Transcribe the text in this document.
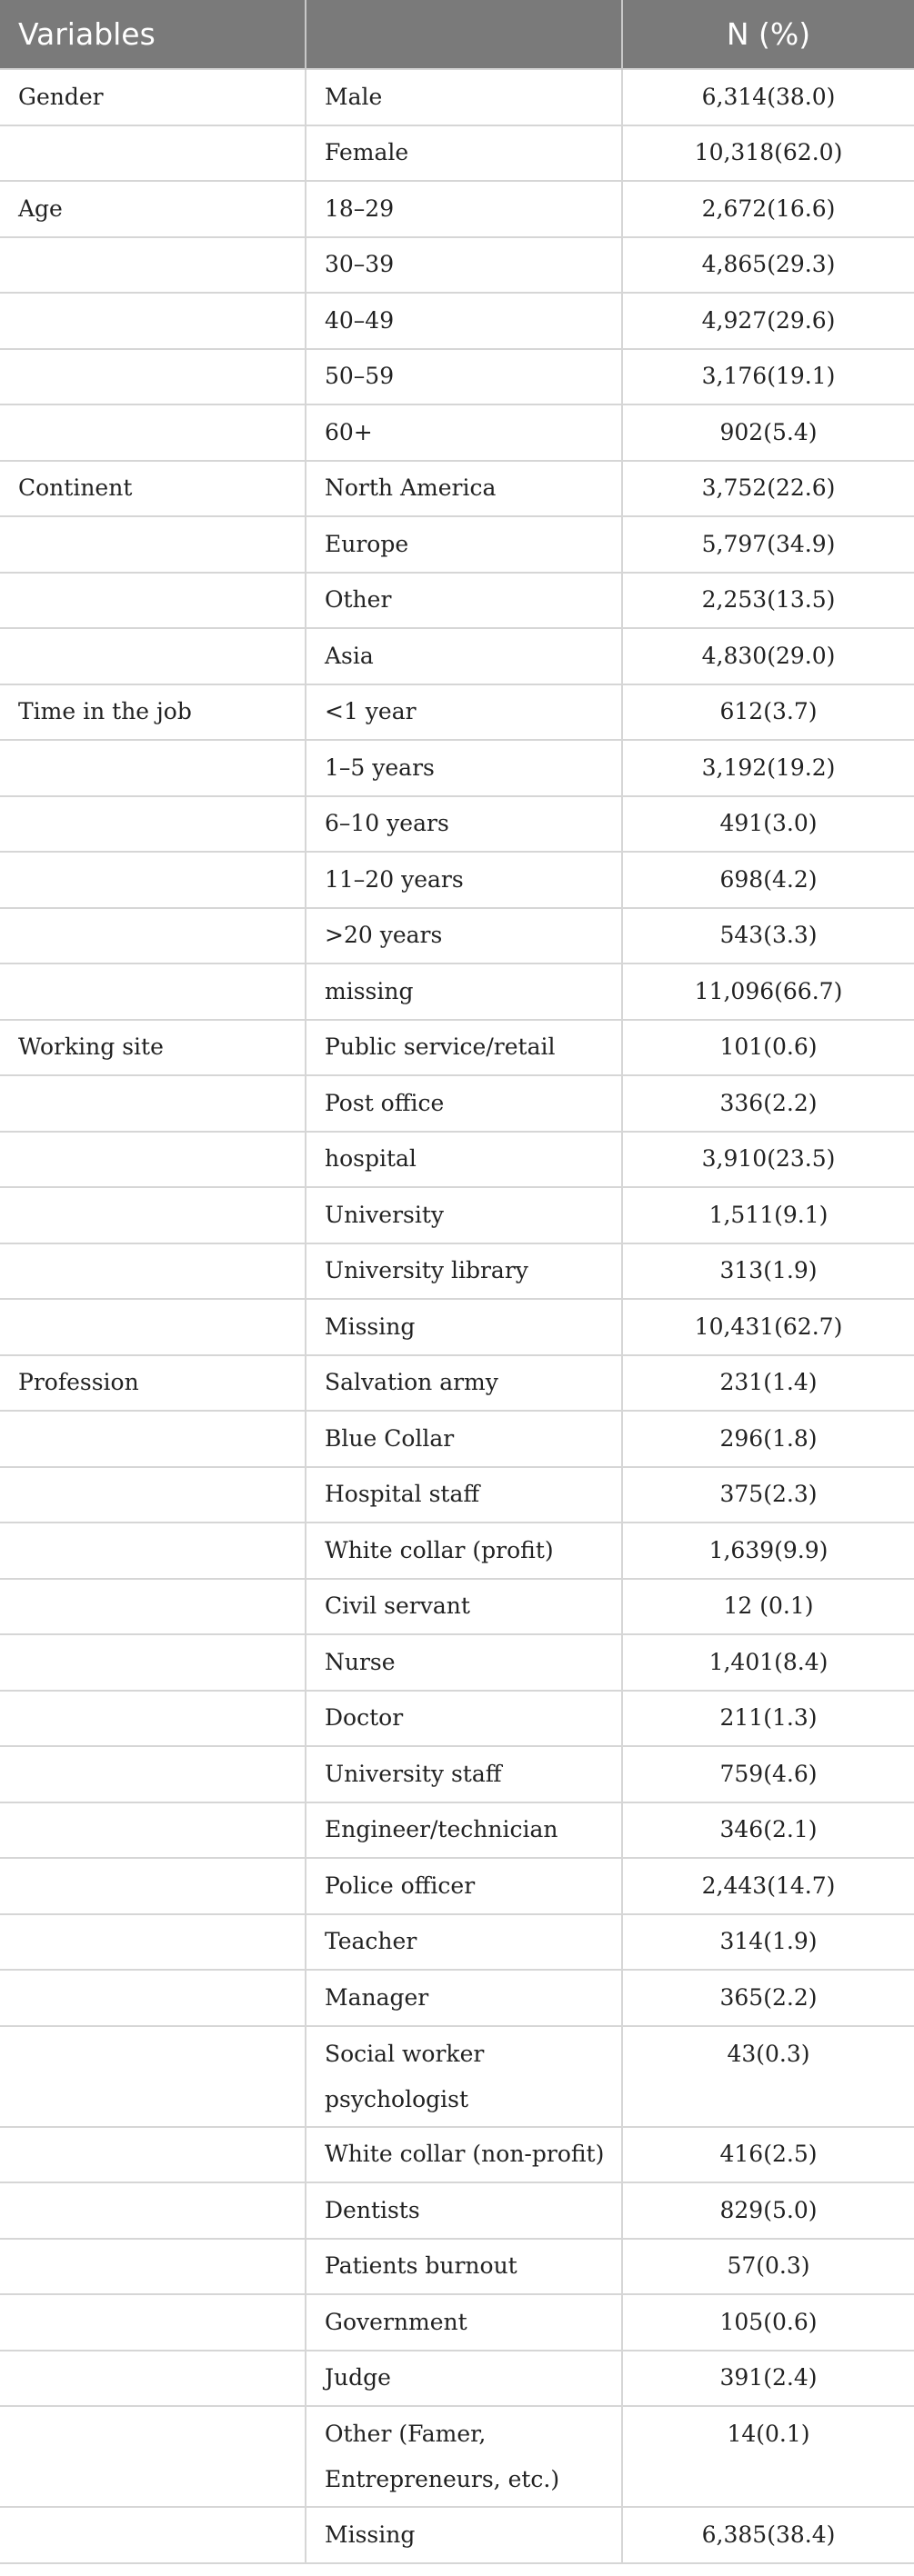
Variables		N (%)
Gender	Male	6,314(38.0)
	Female	10,318(62.0)
Age	18–29	2,672(16.6)
	30–39	4,865(29.3)
	40–49	4,927(29.6)
	50–59	3,176(19.1)
	60+	902(5.4)
Continent	North America	3,752(22.6)
	Europe	5,797(34.9)
	Other	2,253(13.5)
	Asia	4,830(29.0)
Time in the job	<1 year	612(3.7)
	1–5 years	3,192(19.2)
	6–10 years	491(3.0)
	11–20 years	698(4.2)
	>20 years	543(3.3)
	missing	11,096(66.7)
Working site	Public service/retail	101(0.6)
	Post office	336(2.2)
	hospital	3,910(23.5)
	University	1,511(9.1)
	University library	313(1.9)
	Missing	10,431(62.7)
Profession	Salvation army	231(1.4)
	Blue Collar	296(1.8)
	Hospital staff	375(2.3)
	White collar (profit)	1,639(9.9)
	Civil servant	12 (0.1)
	Nurse	1,401(8.4)
	Doctor	211(1.3)
	University staff	759(4.6)
	Engineer/technician	346(2.1)
	Police officer	2,443(14.7)
	Teacher	314(1.9)
	Manager	365(2.2)
	Social worker psychologist	43(0.3)
	White collar (non-profit)	416(2.5)
	Dentists	829(5.0)
	Patients burnout	57(0.3)
	Government	105(0.6)
	Judge	391(2.4)
	Other (Famer, Entrepreneurs, etc.)	14(0.1)
	Missing	6,385(38.4)
